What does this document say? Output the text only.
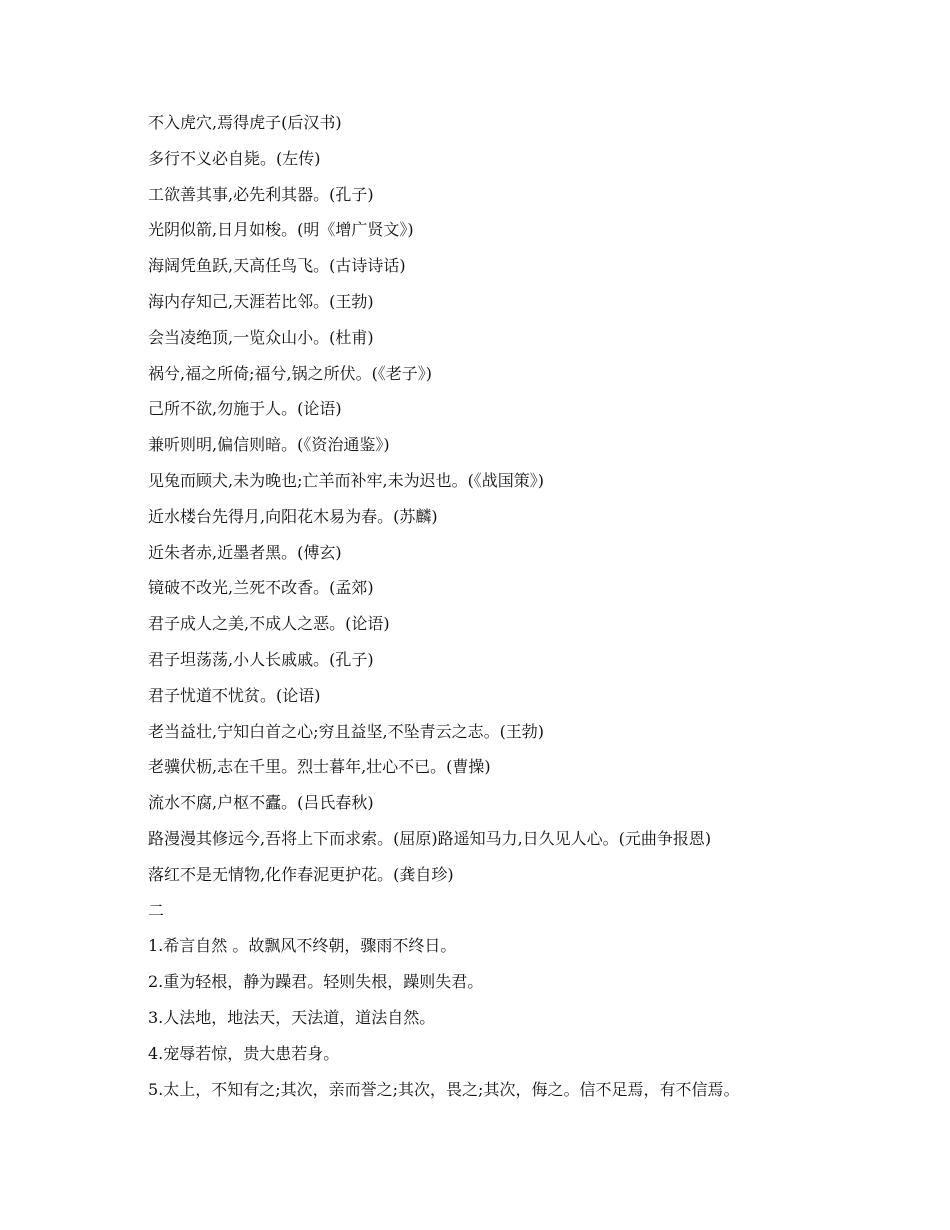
不入虎穴,焉得虎子(后汉书)
多行不义必自毙。(左传)
工欲善其事,必先利其器。(孔子)
光阴似箭,日月如梭。(明《增广贤文》)
海阔凭鱼跃,天高任鸟飞。(古诗诗话)
海内存知己,天涯若比邻。(王勃)
会当凌绝顶,一览众山小。(杜甫)
祸兮,福之所倚;福兮,锅之所伏。(《老子》)
己所不欲,勿施于人。(论语)
兼听则明,偏信则暗。(《资治通鉴》)
见兔而顾犬,未为晚也;亡羊而补牢,未为迟也。(《战国策》)
近水楼台先得月,向阳花木易为春。(苏麟)
近朱者赤,近墨者黑。(傅玄)
镜破不改光,兰死不改香。(孟郊)
君子成人之美,不成人之恶。(论语)
君子坦荡荡,小人长戚戚。(孔子)
君子忧道不忧贫。(论语)
老当益壮,宁知白首之心;穷且益坚,不坠青云之志。(王勃)
老骥伏枥,志在千里。烈士暮年,壮心不已。(曹操)
流水不腐,户枢不蠹。(吕氏春秋)
路漫漫其修远今,吾将上下而求索。(屈原)路遥知马力,日久见人心。(元曲争报恩)
落红不是无情物,化作春泥更护花。(龚自珍)
二
1.希言自然 。故飘风不终朝，骤雨不终日。
2.重为轻根，静为躁君。轻则失根，躁则失君。
3.人法地，地法天，天法道，道法自然。
4.宠辱若惊，贵大患若身。
5.太上，不知有之;其次，亲而誉之;其次，畏之;其次，侮之。信不足焉，有不信焉。
